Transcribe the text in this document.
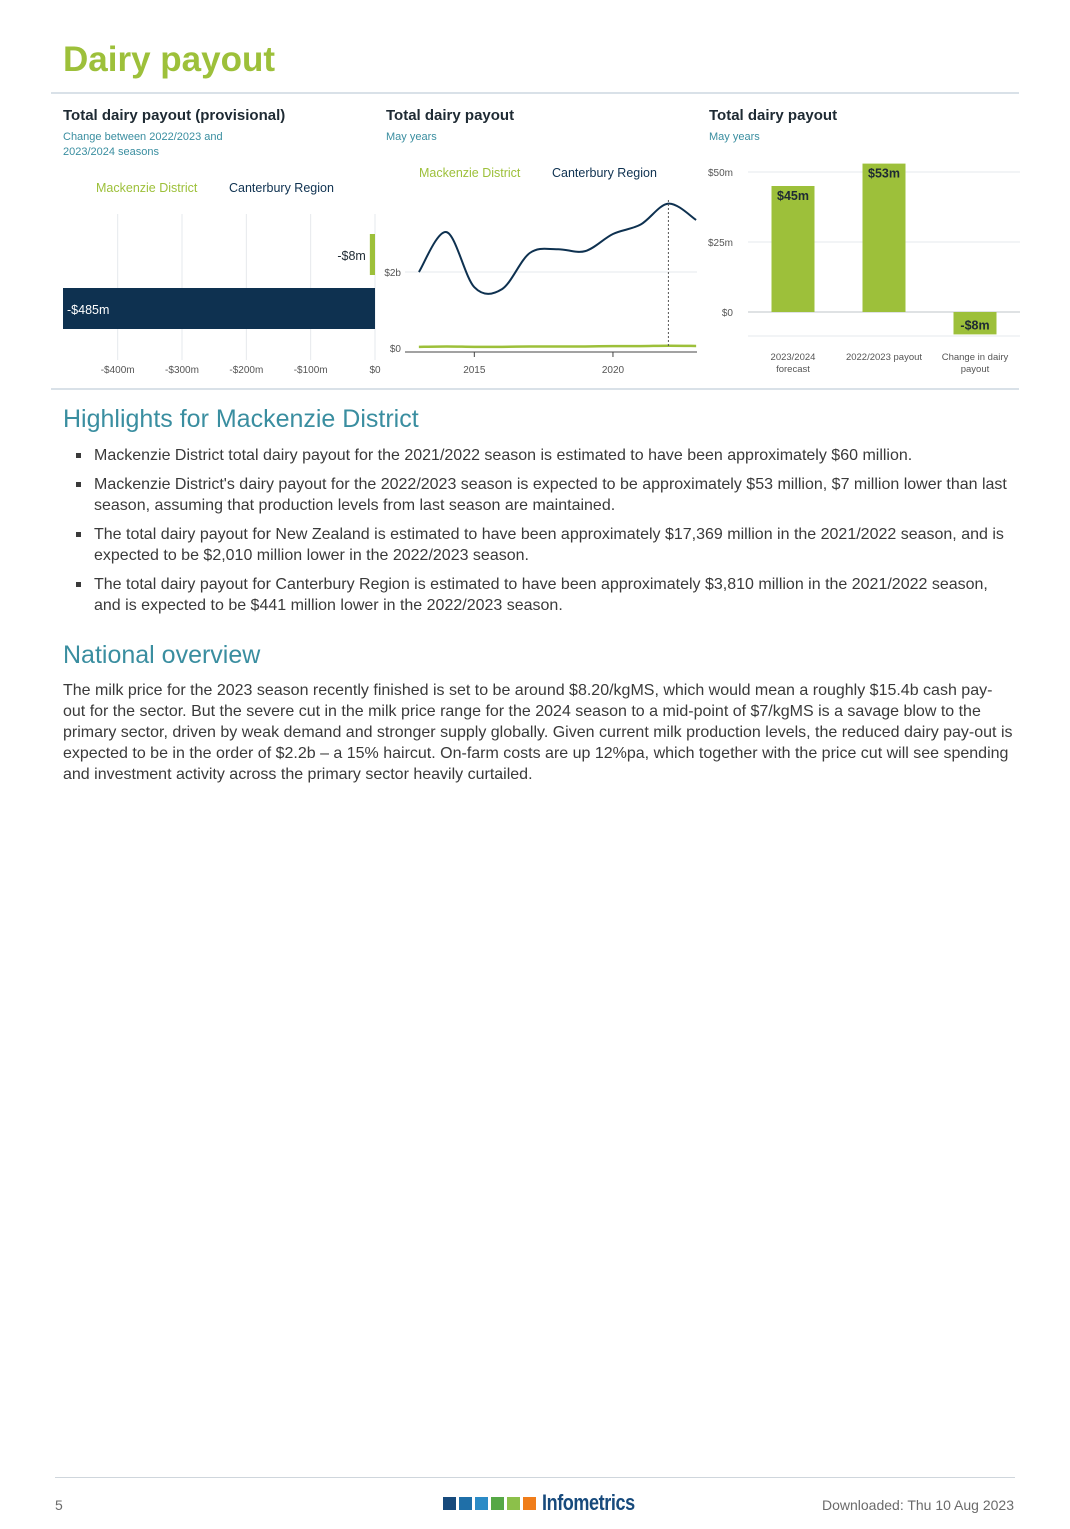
Dairy payout
Total dairy payout (provisional)
Change between 2022/2023 and
2023/2024 seasons
Mackenzie District	Canterbury Region
Total dairy payout
May years
Mackenzie District	Canterbury Region
Total dairy payout
May years
-$400m	-$300m	-$200m	-$100m	$0
-$8m
-$485m
$2b
$0
2015	2020
$0
$25m
$50m
$45m
2023/2024
forecast
$53m
2022/2023 payout
-$8m
Change in dairy
payout
Highlights for Mackenzie District
Mackenzie District total dairy payout for the 2021/2022 season is estimated to have been approximately $60 million.
Mackenzie District's dairy payout for the 2022/2023 season is expected to be approximately $53 million, $7 million lower than last season, assuming that production levels from last season are maintained.
The total dairy payout for New Zealand is estimated to have been approximately $17,369 million in the 2021/2022 season, and is expected to be $2,010 million lower in the 2022/2023 season.
The total dairy payout for Canterbury Region is estimated to have been approximately $3,810 million in the 2021/2022 season, and is expected to be $441 million lower in the 2022/2023 season.
National overview
The milk price for the 2023 season recently finished is set to be around $8.20/kgMS, which would mean a roughly $15.4b cash pay-out for the sector. But the severe cut in the milk price range for the 2024 season to a mid-point of $7/kgMS is a savage blow to the primary sector, driven by weak demand and stronger supply globally. Given current milk production levels, the reduced dairy pay-out is expected to be in the order of $2.2b – a 15% haircut. On-farm costs are up 12%pa, which together with the price cut will see spending and investment activity across the primary sector heavily curtailed.
5	Infometrics	Downloaded: Thu 10 Aug 2023
